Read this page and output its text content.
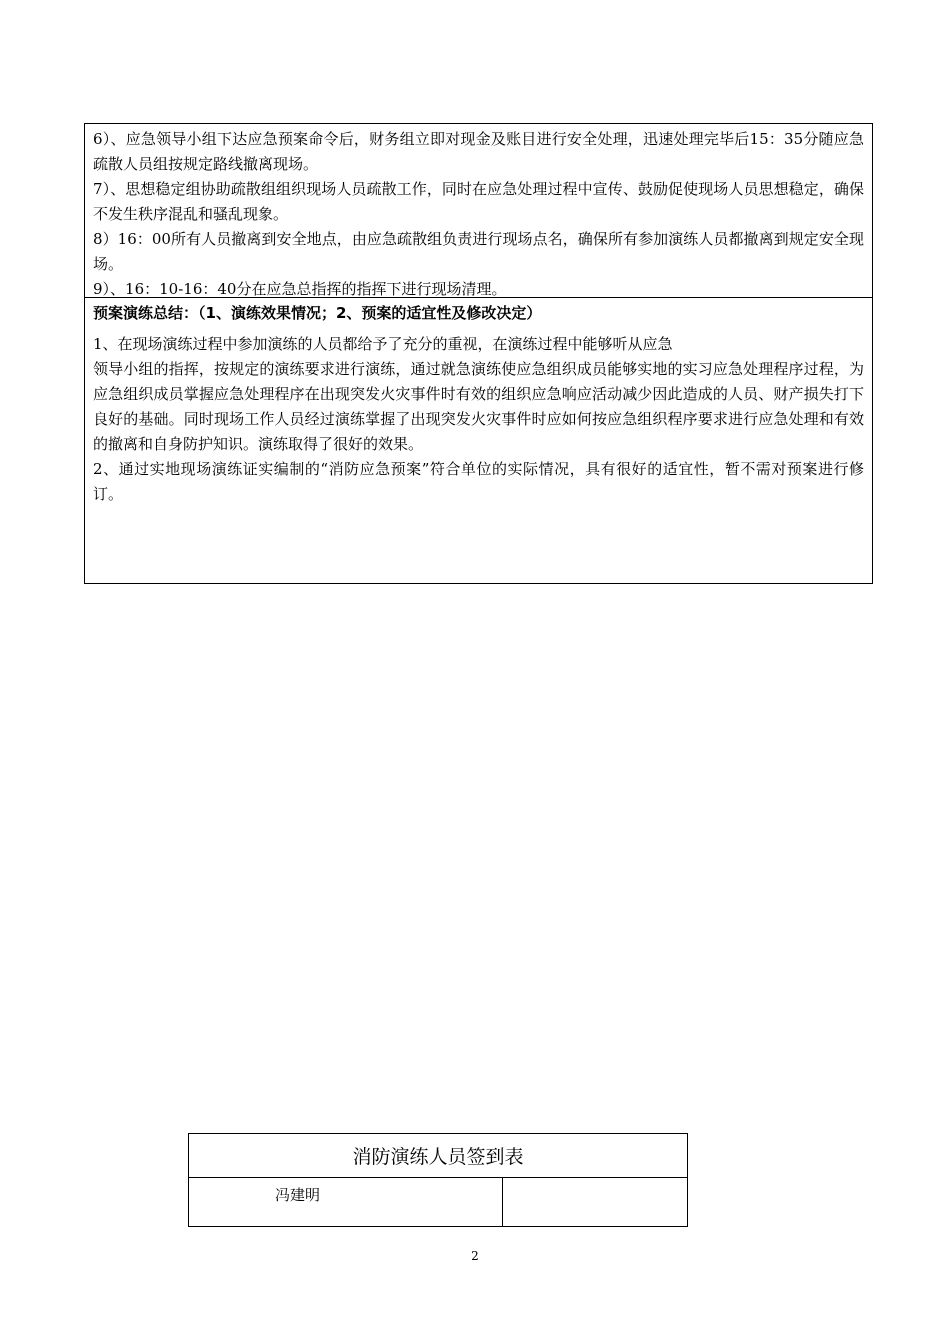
6）、应急领导小组下达应急预案命令后，财务组立即对现金及账目进行安全处理，迅速处理完毕后15：35分随应急疏散人员组按规定路线撤离现场。

7）、思想稳定组协助疏散组组织现场人员疏散工作，同时在应急处理过程中宣传、鼓励促使现场人员思想稳定，确保不发生秩序混乱和骚乱现象。

8）16：00所有人员撤离到安全地点，由应急疏散组负责进行现场点名，确保所有参加演练人员都撤离到规定安全现场。

9）、16：10-16：40分在应急总指挥的指挥下进行现场清理。

预案演练总结：（1、演练效果情况；2、预案的适宜性及修改决定）

1、在现场演练过程中参加演练的人员都给予了充分的重视，在演练过程中能够听从应急

领导小组的指挥，按规定的演练要求进行演练，通过就急演练使应急组织成员能够实地的实习应急处理程序过程，为应急组织成员掌握应急处理程序在出现突发火灾事件时有效的组织应急响应活动减少因此造成的人员、财产损失打下良好的基础。同时现场工作人员经过演练掌握了出现突发火灾事件时应如何按应急组织程序要求进行应急处理和有效的撤离和自身防护知识。演练取得了很好的效果。

2、通过实地现场演练证实编制的“消防应急预案”符合单位的实际情况，具有很好的适宜性，暂不需对预案进行修订。

消防演练人员签到表
冯建明	
2
